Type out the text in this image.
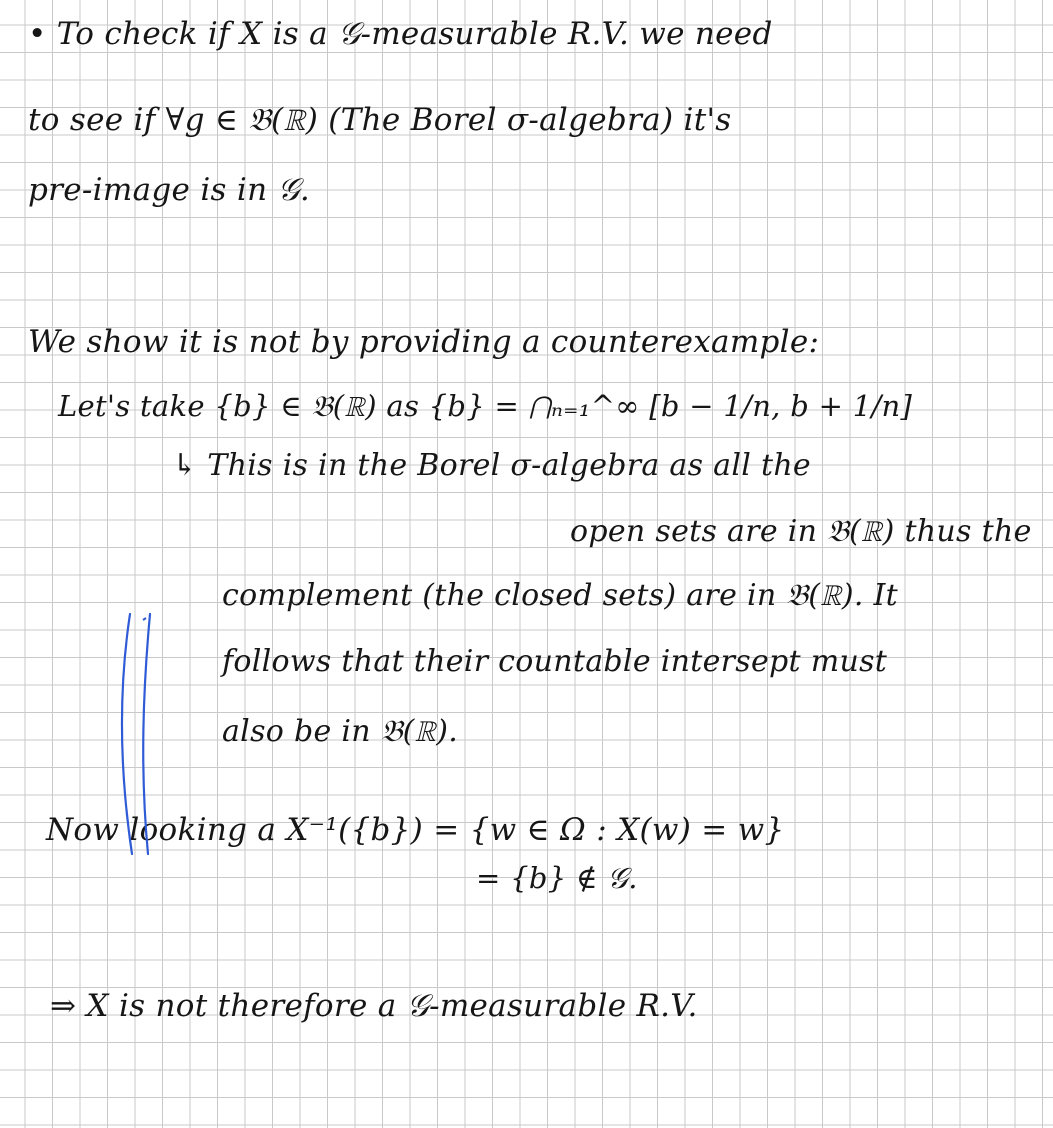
• To check if X is a 𝒢-measurable R.V. we need

to see if ∀g ∈ 𝔅(ℝ) (The Borel σ-algebra) it's

pre-image is in 𝒢.

We show it is not by providing a counterexample:

Let's take {b} ∈ 𝔅(ℝ) as {b} = ⋂ₙ₌₁^∞ [b − 1/n, b + 1/n]

↳ This is in the Borel σ-algebra as all the

open sets are in 𝔅(ℝ) thus the

complement (the closed sets) are in 𝔅(ℝ). It

follows that their countable intersept must

also be in 𝔅(ℝ).

Now looking a X⁻¹({b}) = {w ∈ Ω : X(w) = w}

= {b} ∉ 𝒢.

⇒ X is not therefore a 𝒢-measurable R.V.
